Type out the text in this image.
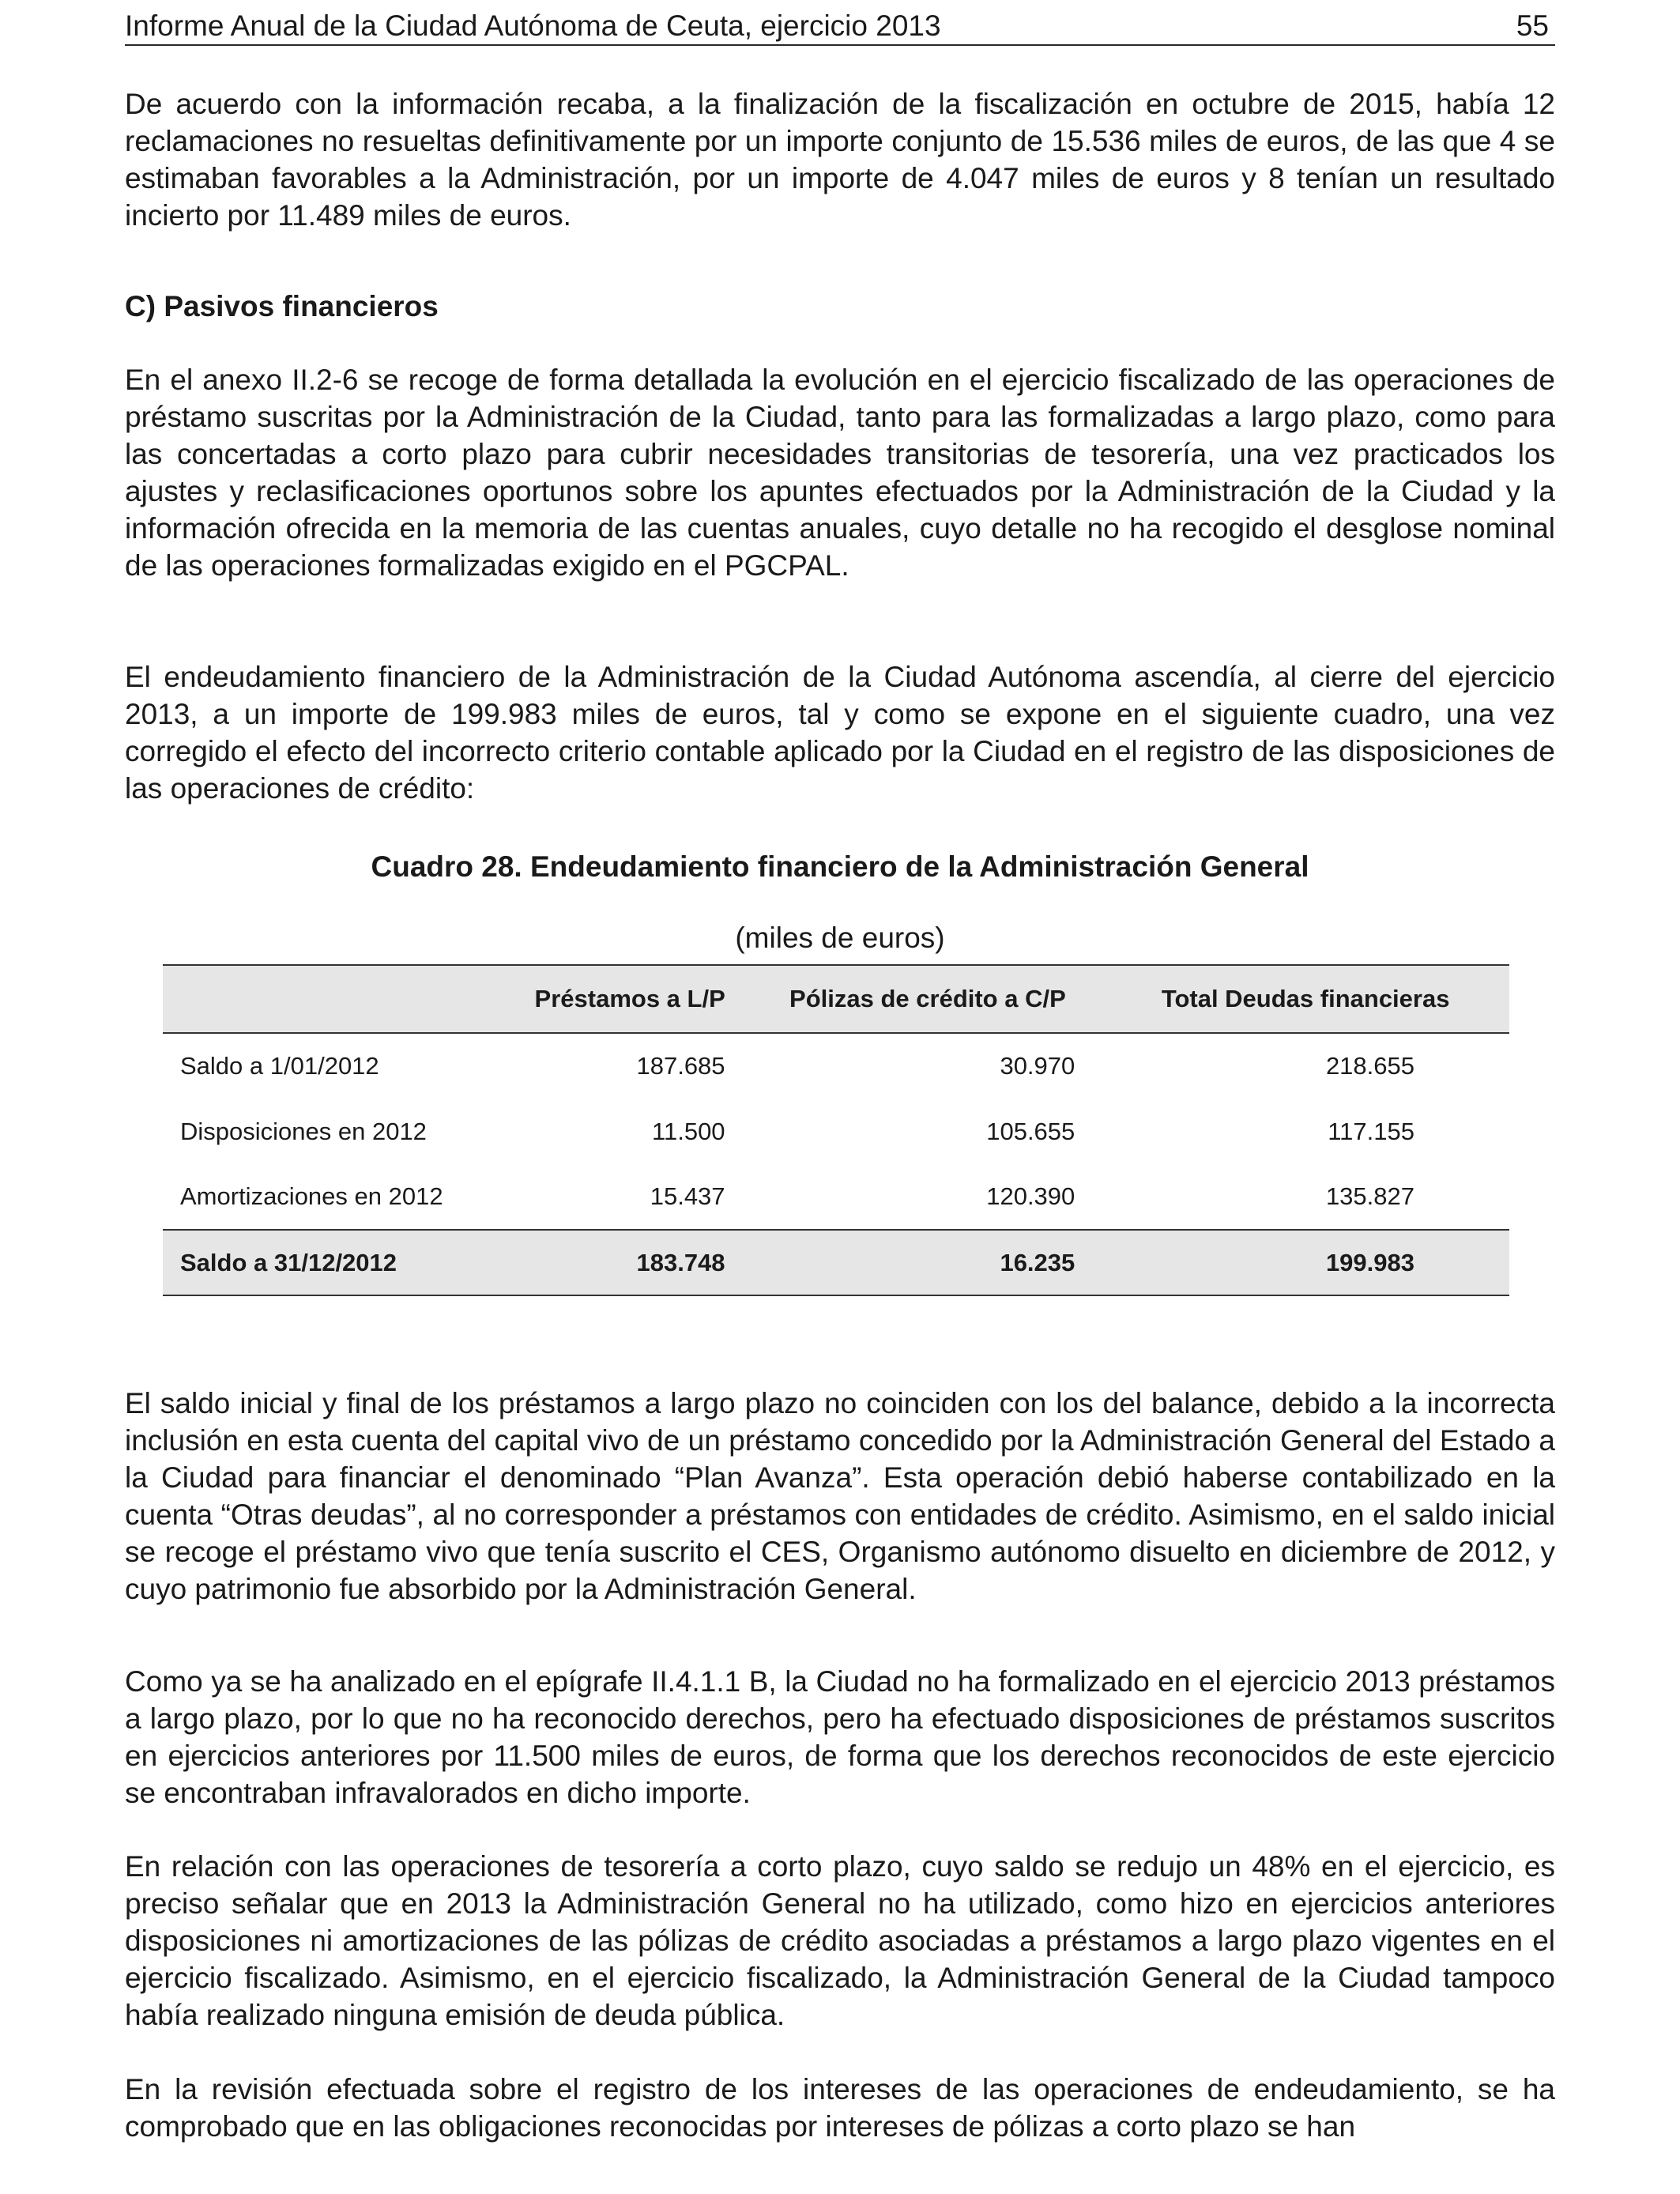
Informe Anual de la Ciudad Autónoma de Ceuta, ejercicio 2013	55
De acuerdo con la información recaba, a la finalización de la fiscalización en octubre de 2015, había 12 reclamaciones no resueltas definitivamente por un importe conjunto de 15.536 miles de euros, de las que 4 se estimaban favorables a la Administración, por un importe de 4.047 miles de euros y 8 tenían un resultado incierto por 11.489 miles de euros.
C) Pasivos financieros
En el anexo II.2-6 se recoge de forma detallada la evolución en el ejercicio fiscalizado de las operaciones de préstamo suscritas por la Administración de la Ciudad, tanto para las formalizadas a largo plazo, como para las concertadas a corto plazo para cubrir necesidades transitorias de tesorería, una vez practicados los ajustes y reclasificaciones oportunos sobre los apuntes efectuados por la Administración de la Ciudad y la información ofrecida en la memoria de las cuentas anuales, cuyo detalle no ha recogido el desglose nominal de las operaciones formalizadas exigido en el PGCPAL.
El endeudamiento financiero de la Administración de la Ciudad Autónoma ascendía, al cierre del ejercicio 2013, a un importe de 199.983 miles de euros, tal y como se expone en el siguiente cuadro, una vez corregido el efecto del incorrecto criterio contable aplicado por la Ciudad en el registro de las disposiciones de las operaciones de crédito:
Cuadro 28. Endeudamiento financiero de la Administración General
(miles de euros)
	Préstamos a L/P	Pólizas de crédito a C/P	Total Deudas financieras
Saldo a 1/01/2012	187.685	30.970	218.655
Disposiciones en 2012	11.500	105.655	117.155
Amortizaciones en 2012	15.437	120.390	135.827
Saldo a 31/12/2012	183.748	16.235	199.983
El saldo inicial y final de los préstamos a largo plazo no coinciden con los del balance, debido a la incorrecta inclusión en esta cuenta del capital vivo de un préstamo concedido por la Administración General del Estado a la Ciudad para financiar el denominado “Plan Avanza”. Esta operación debió haberse contabilizado en la cuenta “Otras deudas”, al no corresponder a préstamos con entidades de crédito. Asimismo, en el saldo inicial se recoge el préstamo vivo que tenía suscrito el CES, Organismo autónomo disuelto en diciembre de 2012, y cuyo patrimonio fue absorbido por la Administración General.
Como ya se ha analizado en el epígrafe II.4.1.1 B, la Ciudad no ha formalizado en el ejercicio 2013 préstamos a largo plazo, por lo que no ha reconocido derechos, pero ha efectuado disposiciones de préstamos suscritos en ejercicios anteriores por 11.500 miles de euros, de forma que los derechos reconocidos de este ejercicio se encontraban infravalorados en dicho importe.
En relación con las operaciones de tesorería a corto plazo, cuyo saldo se redujo un 48% en el ejercicio, es preciso señalar que en 2013 la Administración General no ha utilizado, como hizo en ejercicios anteriores disposiciones ni amortizaciones de las pólizas de crédito asociadas a préstamos a largo plazo vigentes en el ejercicio fiscalizado. Asimismo, en el ejercicio fiscalizado, la Administración General de la Ciudad tampoco había realizado ninguna emisión de deuda pública.
En la revisión efectuada sobre el registro de los intereses de las operaciones de endeudamiento, se ha comprobado que en las obligaciones reconocidas por intereses de pólizas a corto plazo se han
